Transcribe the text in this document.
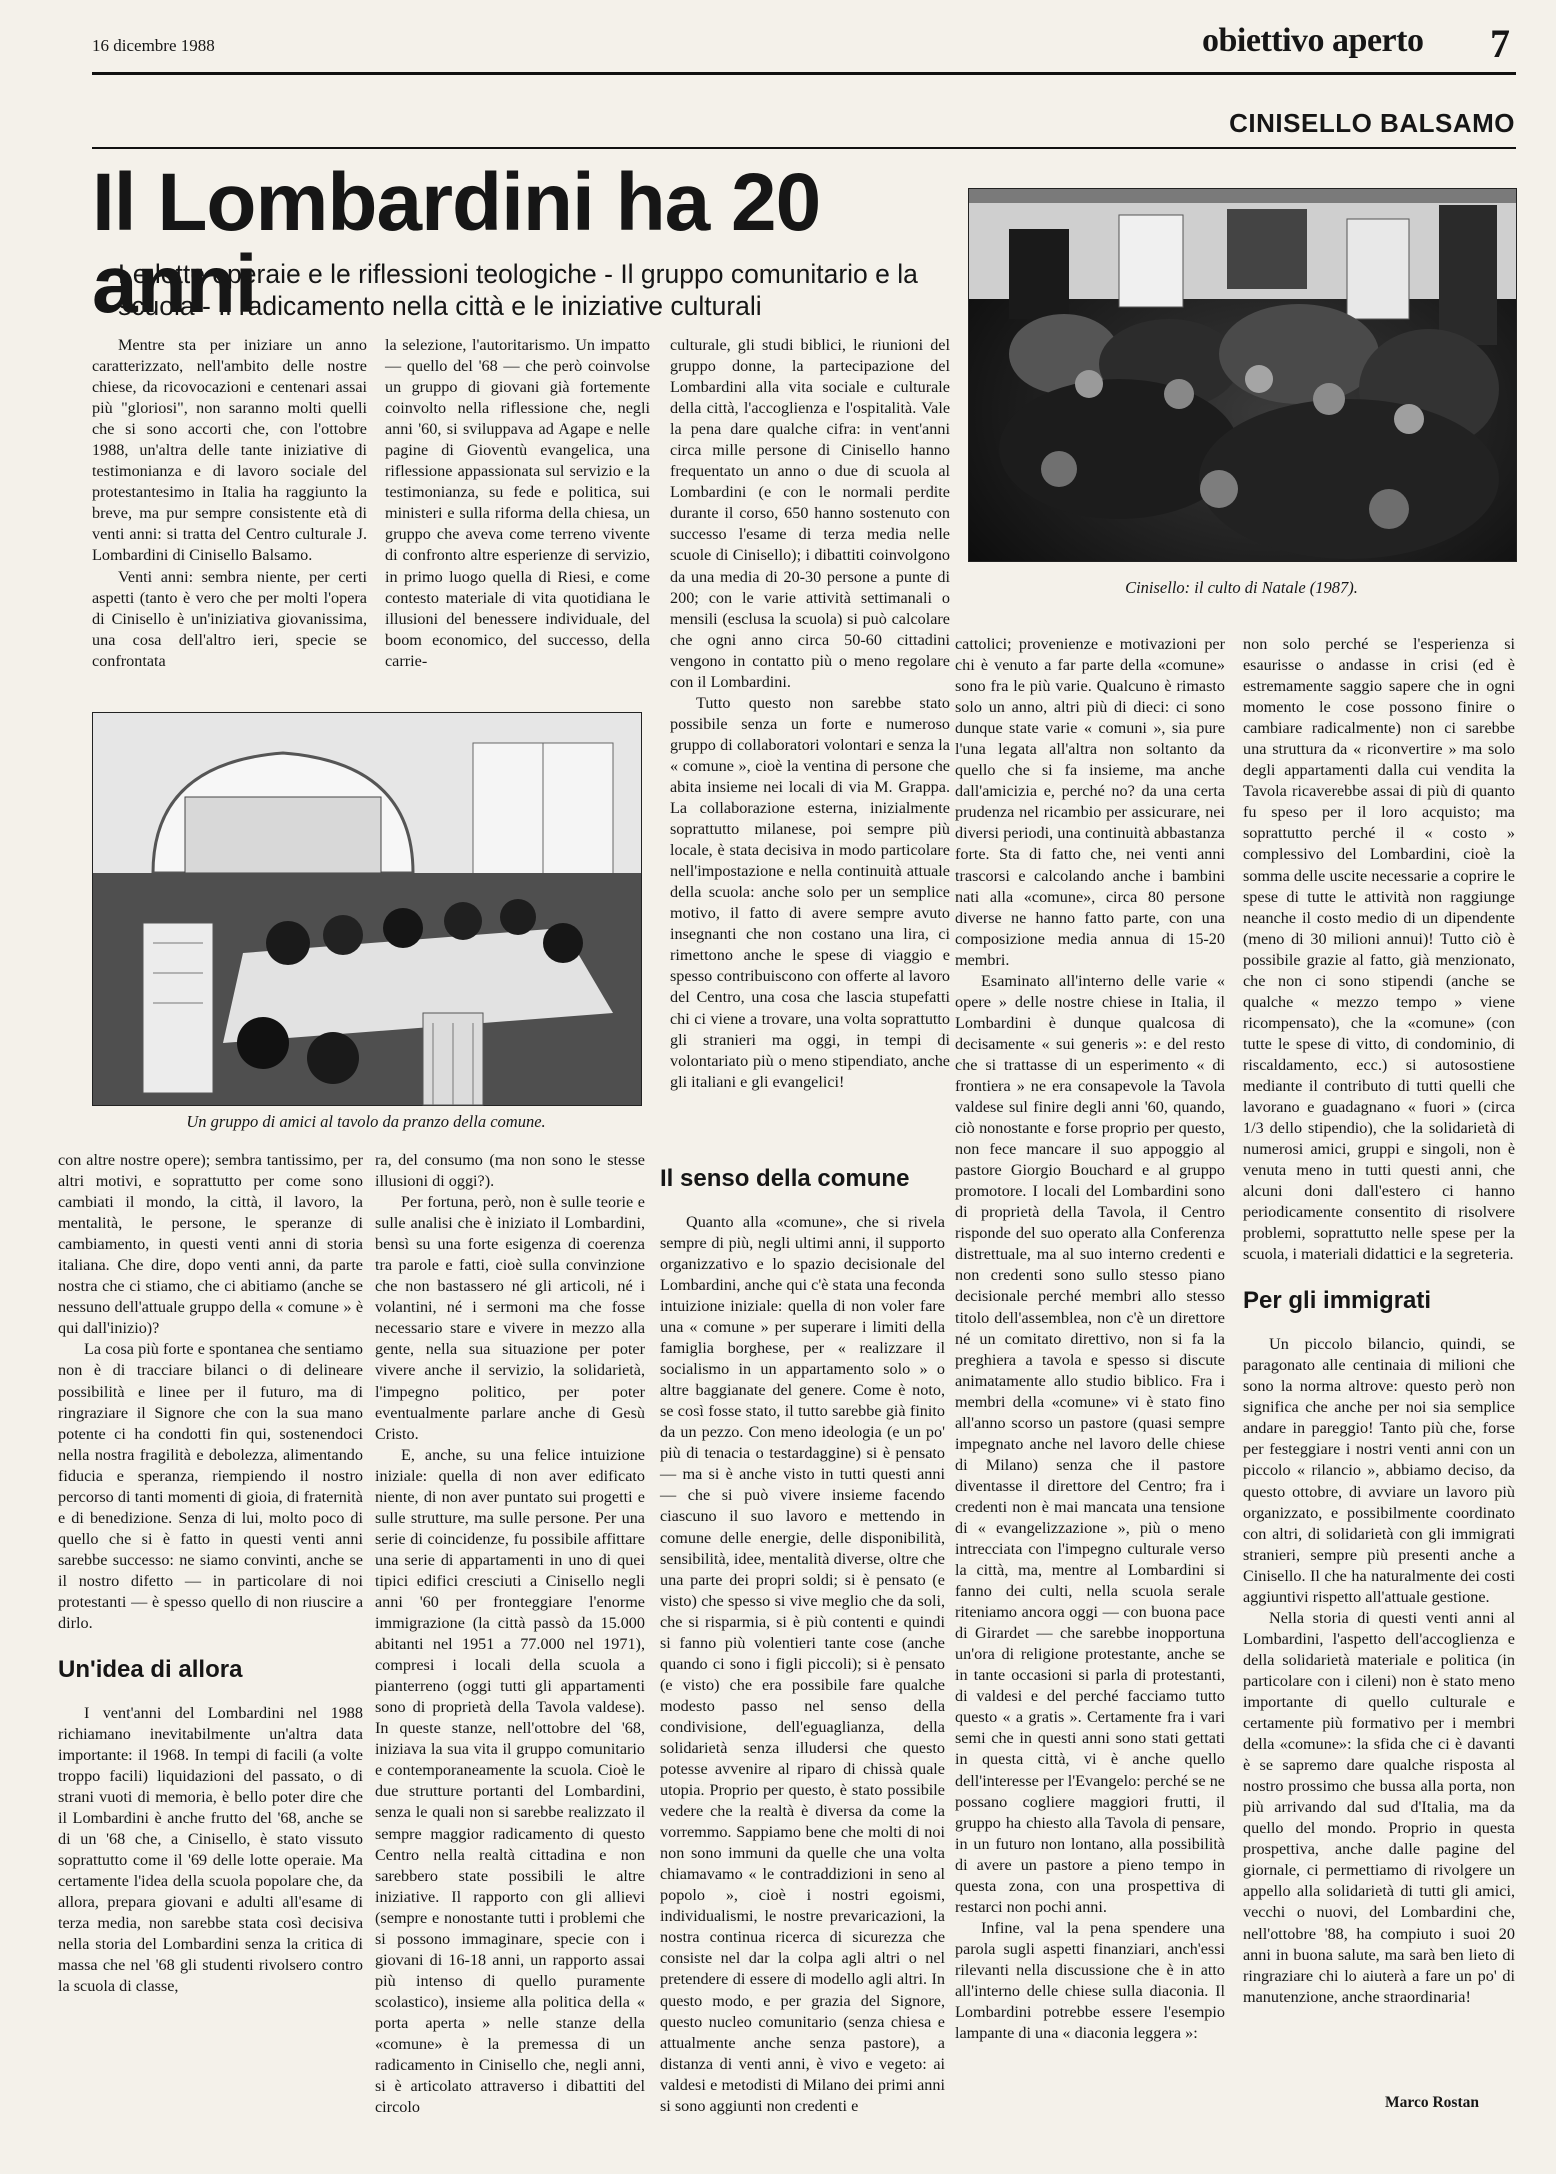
16 dicembre 1988	obiettivo aperto 7
CINISELLO BALSAMO
Il Lombardini ha 20 anni
Le lotte operaie e le riflessioni teologiche - Il gruppo comunitario e la scuola - Il radicamento nella città e le iniziative culturali
Cinisello: il culto di Natale (1987).
Un gruppo di amici al tavolo da pranzo della comune.

Mentre sta per iniziare un anno caratterizzato, nell'ambito delle nostre chiese, da ricovocazioni e centenari assai più "gloriosi", non saranno molti quelli che si sono accorti che, con l'ottobre 1988, un'altra delle tante iniziative di testimonianza e di lavoro sociale del protestantesimo in Italia ha raggiunto la breve, ma pur sempre consistente età di venti anni: si tratta del Centro culturale J. Lombardini di Cinisello Balsamo.

Venti anni: sembra niente, per certi aspetti (tanto è vero che per molti l'opera di Cinisello è un'iniziativa giovanissima, una cosa dell'altro ieri, specie se confrontata

la selezione, l'autoritarismo. Un impatto — quello del '68 — che però coinvolse un gruppo di giovani già fortemente coinvolto nella riflessione che, negli anni '60, si sviluppava ad Agape e nelle pagine di Gioventù evangelica, una riflessione appassionata sul servizio e la testimonianza, su fede e politica, sui ministeri e sulla riforma della chiesa, un gruppo che aveva come terreno vivente di confronto altre esperienze di servizio, in primo luogo quella di Riesi, e come contesto materiale di vita quotidiana le illusioni del benessere individuale, del boom economico, del successo, della carrie-

culturale, gli studi biblici, le riunioni del gruppo donne, la partecipazione del Lombardini alla vita sociale e culturale della città, l'accoglienza e l'ospitalità. Vale la pena dare qualche cifra: in vent'anni circa mille persone di Cinisello hanno frequentato un anno o due di scuola al Lombardini (e con le normali perdite durante il corso, 650 hanno sostenuto con successo l'esame di terza media nelle scuole di Cinisello); i dibattiti coinvolgono da una media di 20-30 persone a punte di 200; con le varie attività settimanali o mensili (esclusa la scuola) si può calcolare che ogni anno circa 50-60 cittadini vengono in contatto più o meno regolare con il Lombardini.

Tutto questo non sarebbe stato possibile senza un forte e numeroso gruppo di collaboratori volontari e senza la « comune », cioè la ventina di persone che abita insieme nei locali di via M. Grappa. La collaborazione esterna, inizialmente soprattutto milanese, poi sempre più locale, è stata decisiva in modo particolare nell'impostazione e nella continuità attuale della scuola: anche solo per un semplice motivo, il fatto di avere sempre avuto insegnanti che non costano una lira, ci rimettono anche le spese di viaggio e spesso contribuiscono con offerte al lavoro del Centro, una cosa che lascia stupefatti chi ci viene a trovare, una volta soprattutto gli stranieri ma oggi, in tempi di volontariato più o meno stipendiato, anche gli italiani e gli evangelici!

con altre nostre opere); sembra tantissimo, per altri motivi, e soprattutto per come sono cambiati il mondo, la città, il lavoro, la mentalità, le persone, le speranze di cambiamento, in questi venti anni di storia italiana. Che dire, dopo venti anni, da parte nostra che ci stiamo, che ci abitiamo (anche se nessuno dell'attuale gruppo della « comune » è qui dall'inizio)?

La cosa più forte e spontanea che sentiamo non è di tracciare bilanci o di delineare possibilità e linee per il futuro, ma di ringraziare il Signore che con la sua mano potente ci ha condotti fin qui, sostenendoci nella nostra fragilità e debolezza, alimentando fiducia e speranza, riempiendo il nostro percorso di tanti momenti di gioia, di fraternità e di benedizione. Senza di lui, molto poco di quello che si è fatto in questi venti anni sarebbe successo: ne siamo convinti, anche se il nostro difetto — in particolare di noi protestanti — è spesso quello di non riuscire a dirlo.

Un'idea di allora

I vent'anni del Lombardini nel 1988 richiamano inevitabilmente un'altra data importante: il 1968. In tempi di facili (a volte troppo facili) liquidazioni del passato, o di strani vuoti di memoria, è bello poter dire che il Lombardini è anche frutto del '68, anche se di un '68 che, a Cinisello, è stato vissuto soprattutto come il '69 delle lotte operaie. Ma certamente l'idea della scuola popolare che, da allora, prepara giovani e adulti all'esame di terza media, non sarebbe stata così decisiva nella storia del Lombardini senza la critica di massa che nel '68 gli studenti rivolsero contro la scuola di classe,

ra, del consumo (ma non sono le stesse illusioni di oggi?).

Per fortuna, però, non è sulle teorie e sulle analisi che è iniziato il Lombardini, bensì su una forte esigenza di coerenza tra parole e fatti, cioè sulla convinzione che non bastassero né gli articoli, né i volantini, né i sermoni ma che fosse necessario stare e vivere in mezzo alla gente, nella sua situazione per poter vivere anche il servizio, la solidarietà, l'impegno politico, per poter eventualmente parlare anche di Gesù Cristo.

E, anche, su una felice intuizione iniziale: quella di non aver edificato niente, di non aver puntato sui progetti e sulle strutture, ma sulle persone. Per una serie di coincidenze, fu possibile affittare una serie di appartamenti in uno di quei tipici edifici cresciuti a Cinisello negli anni '60 per fronteggiare l'enorme immigrazione (la città passò da 15.000 abitanti nel 1951 a 77.000 nel 1971), compresi i locali della scuola a pianterreno (oggi tutti gli appartamenti sono di proprietà della Tavola valdese). In queste stanze, nell'ottobre del '68, iniziava la sua vita il gruppo comunitario e contemporaneamente la scuola. Cioè le due strutture portanti del Lombardini, senza le quali non si sarebbe realizzato il sempre maggior radicamento di questo Centro nella realtà cittadina e non sarebbero state possibili le altre iniziative. Il rapporto con gli allievi (sempre e nonostante tutti i problemi che si possono immaginare, specie con i giovani di 16-18 anni, un rapporto assai più intenso di quello puramente scolastico), insieme alla politica della « porta aperta » nelle stanze della «comune» è la premessa di un radicamento in Cinisello che, negli anni, si è articolato attraverso i dibattiti del circolo

Il senso della comune

Quanto alla «comune», che si rivela sempre di più, negli ultimi anni, il supporto organizzativo e lo spazio decisionale del Lombardini, anche qui c'è stata una feconda intuizione iniziale: quella di non voler fare una « comune » per superare i limiti della famiglia borghese, per « realizzare il socialismo in un appartamento solo » o altre baggianate del genere. Come è noto, se così fosse stato, il tutto sarebbe già finito da un pezzo. Con meno ideologia (e un po' più di tenacia o testardaggine) si è pensato — ma si è anche visto in tutti questi anni — che si può vivere insieme facendo ciascuno il suo lavoro e mettendo in comune delle energie, delle disponibilità, sensibilità, idee, mentalità diverse, oltre che una parte dei propri soldi; si è pensato (e visto) che spesso si vive meglio che da soli, che si risparmia, si è più contenti e quindi si fanno più volentieri tante cose (anche quando ci sono i figli piccoli); si è pensato (e visto) che era possibile fare qualche modesto passo nel senso della condivisione, dell'eguaglianza, della solidarietà senza illudersi che questo potesse avvenire al riparo di chissà quale utopia. Proprio per questo, è stato possibile vedere che la realtà è diversa da come la vorremmo. Sappiamo bene che molti di noi non sono immuni da quelle che una volta chiamavamo « le contraddizioni in seno al popolo », cioè i nostri egoismi, individualismi, le nostre prevaricazioni, la nostra continua ricerca di sicurezza che consiste nel dar la colpa agli altri o nel pretendere di essere di modello agli altri. In questo modo, e per grazia del Signore, questo nucleo comunitario (senza chiesa e attualmente anche senza pastore), a distanza di venti anni, è vivo e vegeto: ai valdesi e metodisti di Milano dei primi anni si sono aggiunti non credenti e

cattolici; provenienze e motivazioni per chi è venuto a far parte della «comune» sono fra le più varie. Qualcuno è rimasto solo un anno, altri più di dieci: ci sono dunque state varie « comuni », sia pure l'una legata all'altra non soltanto da quello che si fa insieme, ma anche dall'amicizia e, perché no? da una certa prudenza nel ricambio per assicurare, nei diversi periodi, una continuità abbastanza forte. Sta di fatto che, nei venti anni trascorsi e calcolando anche i bambini nati alla «comune», circa 80 persone diverse ne hanno fatto parte, con una composizione media annua di 15-20 membri.

Esaminato all'interno delle varie « opere » delle nostre chiese in Italia, il Lombardini è dunque qualcosa di decisamente « sui generis »: e del resto che si trattasse di un esperimento « di frontiera » ne era consapevole la Tavola valdese sul finire degli anni '60, quando, ciò nonostante e forse proprio per questo, non fece mancare il suo appoggio al pastore Giorgio Bouchard e al gruppo promotore. I locali del Lombardini sono di proprietà della Tavola, il Centro risponde del suo operato alla Conferenza distrettuale, ma al suo interno credenti e non credenti sono sullo stesso piano decisionale perché membri allo stesso titolo dell'assemblea, non c'è un direttore né un comitato direttivo, non si fa la preghiera a tavola e spesso si discute animatamente allo studio biblico. Fra i membri della «comune» vi è stato fino all'anno scorso un pastore (quasi sempre impegnato anche nel lavoro delle chiese di Milano) senza che il pastore diventasse il direttore del Centro; fra i credenti non è mai mancata una tensione di « evangelizzazione », più o meno intrecciata con l'impegno culturale verso la città, ma, mentre al Lombardini si fanno dei culti, nella scuola serale riteniamo ancora oggi — con buona pace di Girardet — che sarebbe inopportuna un'ora di religione protestante, anche se in tante occasioni si parla di protestanti, di valdesi e del perché facciamo tutto questo « a gratis ». Certamente fra i vari semi che in questi anni sono stati gettati in questa città, vi è anche quello dell'interesse per l'Evangelo: perché se ne possano cogliere maggiori frutti, il gruppo ha chiesto alla Tavola di pensare, in un futuro non lontano, alla possibilità di avere un pastore a pieno tempo in questa zona, con una prospettiva di restarci non pochi anni.

Infine, val la pena spendere una parola sugli aspetti finanziari, anch'essi rilevanti nella discussione che è in atto all'interno delle chiese sulla diaconia. Il Lombardini potrebbe essere l'esempio lampante di una « diaconia leggera »:

non solo perché se l'esperienza si esaurisse o andasse in crisi (ed è estremamente saggio sapere che in ogni momento le cose possono finire o cambiare radicalmente) non ci sarebbe una struttura da « riconvertire » ma solo degli appartamenti dalla cui vendita la Tavola ricaverebbe assai di più di quanto fu speso per il loro acquisto; ma soprattutto perché il « costo » complessivo del Lombardini, cioè la somma delle uscite necessarie a coprire le spese di tutte le attività non raggiunge neanche il costo medio di un dipendente (meno di 30 milioni annui)! Tutto ciò è possibile grazie al fatto, già menzionato, che non ci sono stipendi (anche se qualche « mezzo tempo » viene ricompensato), che la «comune» (con tutte le spese di vitto, di condominio, di riscaldamento, ecc.) si autosostiene mediante il contributo di tutti quelli che lavorano e guadagnano « fuori » (circa 1/3 dello stipendio), che la solidarietà di numerosi amici, gruppi e singoli, non è venuta meno in tutti questi anni, che alcuni doni dall'estero ci hanno periodicamente consentito di risolvere problemi, soprattutto nelle spese per la scuola, i materiali didattici e la segreteria.

Per gli immigrati

Un piccolo bilancio, quindi, se paragonato alle centinaia di milioni che sono la norma altrove: questo però non significa che anche per noi sia semplice andare in pareggio! Tanto più che, forse per festeggiare i nostri venti anni con un piccolo « rilancio », abbiamo deciso, da questo ottobre, di avviare un lavoro più organizzato, e possibilmente coordinato con altri, di solidarietà con gli immigrati stranieri, sempre più presenti anche a Cinisello. Il che ha naturalmente dei costi aggiuntivi rispetto all'attuale gestione.

Nella storia di questi venti anni al Lombardini, l'aspetto dell'accoglienza e della solidarietà materiale e politica (in particolare con i cileni) non è stato meno importante di quello culturale e certamente più formativo per i membri della «comune»: la sfida che ci è davanti è se sapremo dare qualche risposta al nostro prossimo che bussa alla porta, non più arrivando dal sud d'Italia, ma da quello del mondo. Proprio in questa prospettiva, anche dalle pagine del giornale, ci permettiamo di rivolgere un appello alla solidarietà di tutti gli amici, vecchi o nuovi, del Lombardini che, nell'ottobre '88, ha compiuto i suoi 20 anni in buona salute, ma sarà ben lieto di ringraziare chi lo aiuterà a fare un po' di manutenzione, anche straordinaria!

Marco Rostan
